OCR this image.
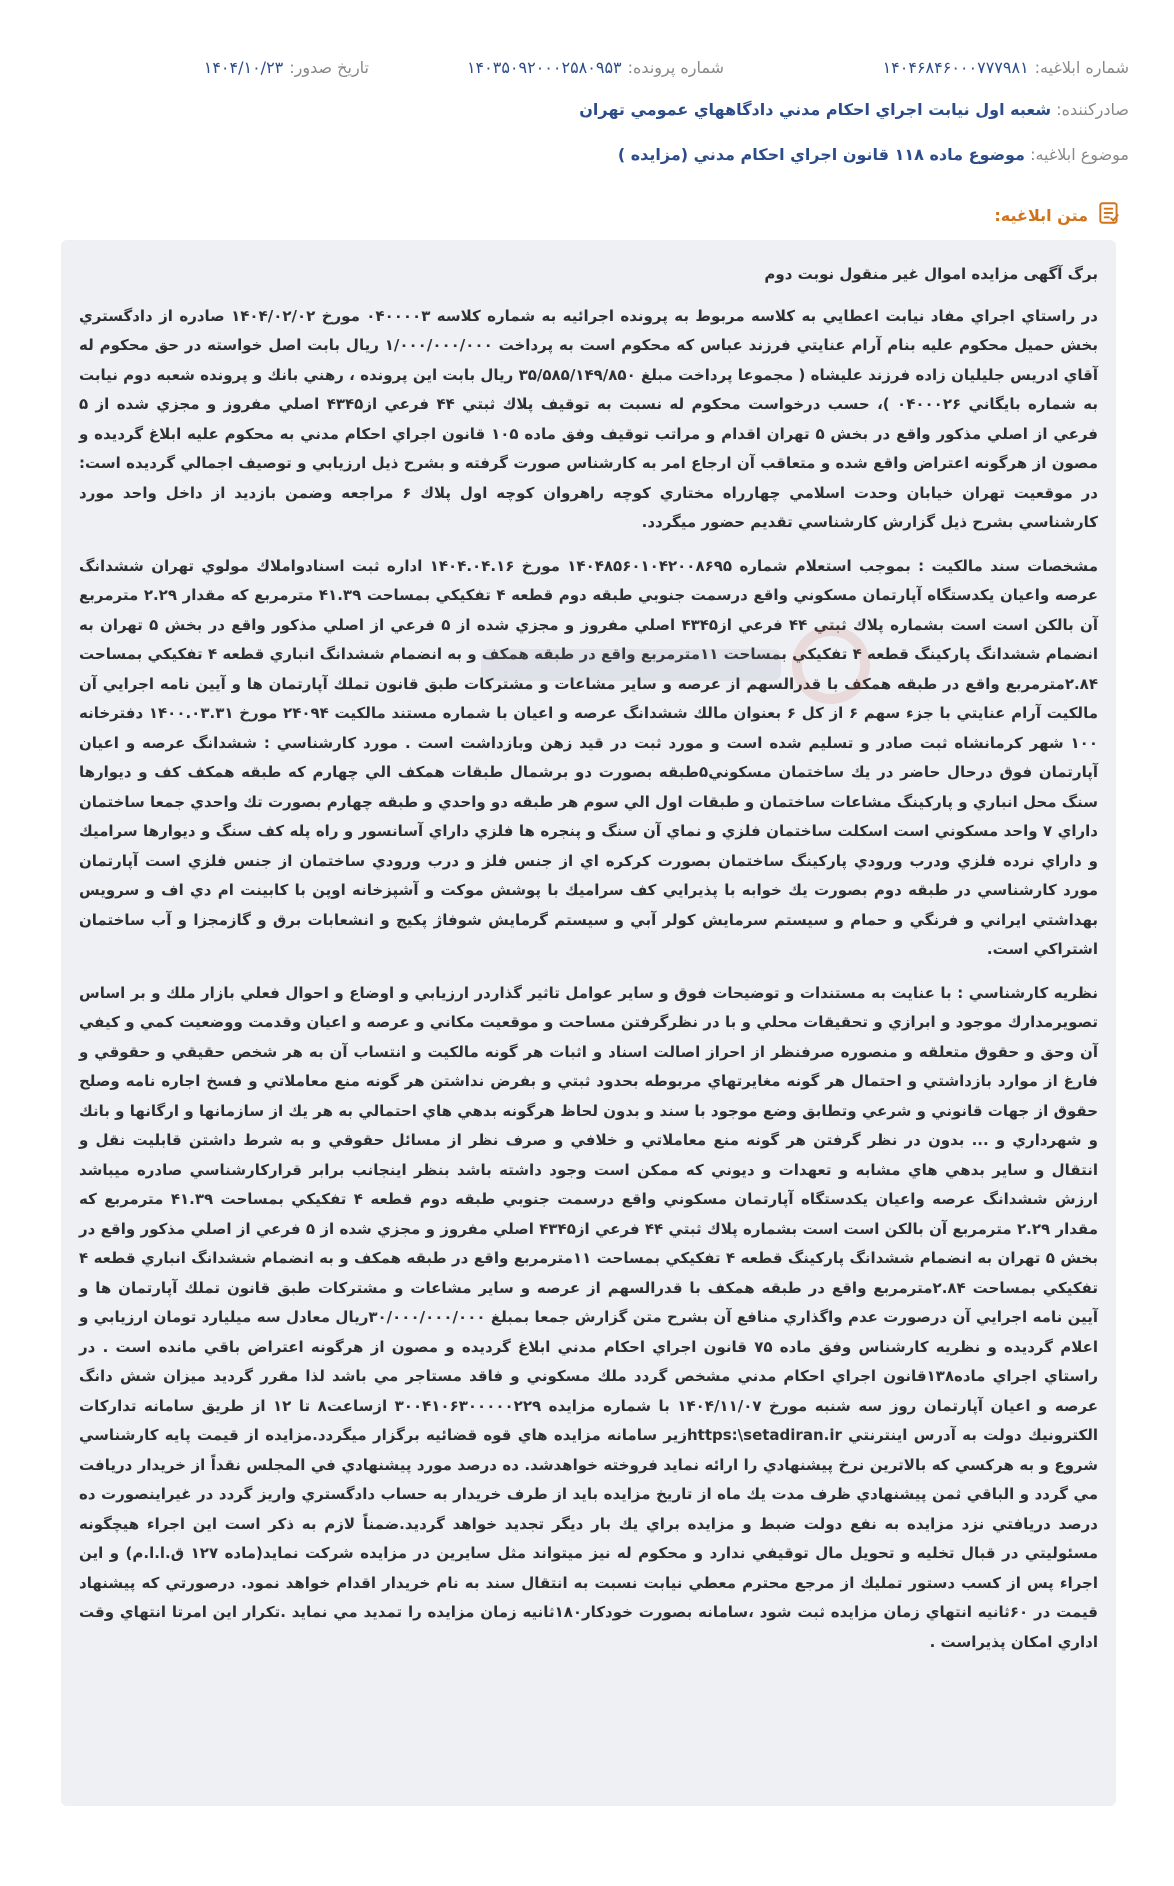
شماره ابلاغیه:
۱۴۰۴۶۸۴۶۰۰۰۷۷۷۹۸۱
شماره پرونده:
۱۴۰۳۵۰۹۲۰۰۰۲۵۸۰۹۵۳
تاریخ صدور:
۱۴۰۴/۱۰/۲۳
صادرکننده:

شعبه اول نيابت اجراي احكام مدني دادگاههاي عمومي تهران
موضوع ابلاغیه:

موضوع ماده ۱۱۸ قانون اجراي احكام مدني (مزايده )
متن ابلاغیه:

برگ آگهی مزایده اموال غیر منقول نوبت دوم

در راستاي اجراي مفاد نيابت اعطايي به كلاسه مربوط به پرونده اجرائيه به شماره كلاسه ۰۴۰۰۰۰۳ مورخ ۱۴۰۴/۰۲/۰۲ صادره از دادگستري بخش حميل محكوم عليه بنام آرام عنايتي فرزند عباس كه محكوم است به پرداخت ۱/۰۰۰/۰۰۰/۰۰۰ ريال بابت اصل خواسته در حق محكوم له آقاي ادريس جليليان زاده فرزند عليشاه ( مجموعا پرداخت مبلغ ۳۵/۵۸۵/۱۴۹/۸۵۰ ريال بابت اين پرونده ، رهني بانك و پرونده شعبه دوم نيابت به شماره بايگاني ۰۴۰۰۰۲۶ )، حسب درخواست محكوم له نسبت به توقيف پلاك ثبتي ۴۴ فرعي از۴۳۴۵ اصلي مفروز و مجزي شده از ۵ فرعي از اصلي مذكور واقع در بخش ۵ تهران اقدام و مراتب توقيف وفق ماده ۱۰۵ قانون اجراي احكام مدني به محكوم عليه ابلاغ گرديده و مصون از هرگونه اعتراض واقع شده و متعاقب آن ارجاع امر به كارشناس صورت گرفته و بشرح ذيل ارزيابي و توصيف اجمالي گرديده است: در موقعيت تهران خيابان وحدت اسلامي چهارراه مختاري كوچه راهروان كوچه اول پلاك ۶ مراجعه وضمن بازديد از داخل واحد مورد كارشناسي بشرح ذيل گزارش كارشناسي تقديم حضور ميگردد.

مشخصات سند مالكيت : بموجب استعلام شماره ۱۴۰۴۸۵۶۰۱۰۴۲۰۰۸۶۹۵ مورخ ۱۴۰۴.۰۴.۱۶ اداره ثبت اسنادواملاك مولوي تهران ششدانگ عرصه واعيان يكدستگاه آپارتمان مسكوني واقع درسمت جنوبي طبقه دوم قطعه ۴ تفكيكي بمساحت ۴۱.۳۹ مترمربع كه مقدار ۲.۲۹ مترمربع آن بالكن است است بشماره پلاك ثبتي ۴۴ فرعي از۴۳۴۵ اصلي مفروز و مجزي شده از ۵ فرعي از اصلي مذكور واقع در بخش ۵ تهران به انضمام ششدانگ پاركينگ قطعه ۴ تفكيكي بمساحت ۱۱مترمربع واقع در طبقه همكف و به انضمام ششدانگ انباري قطعه ۴ تفكيكي بمساحت ۲.۸۴مترمربع واقع در طبقه همكف با قدرالسهم از عرصه و ساير مشاعات و مشتركات طبق قانون تملك آپارتمان ها و آيين نامه اجرايي آن مالكيت آرام عنايتي با جزء سهم ۶ از كل ۶ بعنوان مالك ششدانگ عرصه و اعيان با شماره مستند مالكيت ۲۴۰۹۴ مورخ ۱۴۰۰.۰۳.۳۱ دفترخانه ۱۰۰ شهر كرمانشاه ثبت صادر و تسليم شده است و مورد ثبت در قيد زهن وبازداشت است . مورد كارشناسي : ششدانگ عرصه و اعيان آپارتمان فوق درحال حاضر در يك ساختمان مسكوني۵طبقه بصورت دو برشمال طبقات همكف الي چهارم كه طبقه همكف كف و ديوارها سنگ محل انباري و پاركينگ مشاعات ساختمان و طبقات اول الي سوم هر طبقه دو واحدي و طبقه چهارم بصورت تك واحدي جمعا ساختمان داراي ۷ واحد مسكوني است اسكلت ساختمان فلزي و نماي آن سنگ و پنجره ها فلزي داراي آسانسور و راه پله كف سنگ و ديوارها سراميك و داراي نرده فلزي ودرب ورودي پاركينگ ساختمان بصورت كركره اي از جنس فلز و درب ورودي ساختمان از جنس فلزي است آپارتمان مورد كارشناسي در طبقه دوم بصورت يك خوابه با پذيرايي كف سراميك با پوشش موكت و آشپزخانه اوپن با كابينت ام دي اف و سرويس بهداشتي ايراني و فرنگي و حمام و سيستم سرمايش كولر آبي و سيستم گرمايش شوفاژ پكيج و انشعابات برق و گازمجزا و آب ساختمان اشتراكي است.

نظريه كارشناسي : با عنايت به مستندات و توضيحات فوق و ساير عوامل تاثير گذاردر ارزيابي و اوضاع و احوال فعلي بازار ملك و بر اساس تصويرمدارك موجود و ابرازي و تحقيقات محلي و با در نظرگرفتن مساحت و موقعيت مكاني و عرصه و اعيان وقدمت ووضعيت كمي و كيفي آن وحق و حقوق متعلقه و منصوره صرفنظر از احراز اصالت اسناد و اثبات هر گونه مالكيت و انتساب آن به هر شخص حقيقي و حقوقي و فارغ از موارد بازداشتي و احتمال هر گونه مغايرتهاي مربوطه بحدود ثبتي و بفرض نداشتن هر گونه منع معاملاتي و فسخ اجاره نامه وصلح حقوق از جهات قانوني و شرعي وتطابق وضع موجود با سند و بدون لحاظ هرگونه بدهي هاي احتمالي به هر يك از سازمانها و ارگانها و بانك و شهرداري و ... بدون در نظر گرفتن هر گونه منع معاملاتي و خلافي و صرف نظر از مسائل حقوقي و به شرط داشتن قابليت نقل و انتقال و ساير بدهي هاي مشابه و تعهدات و ديوني كه ممكن است وجود داشته باشد بنظر اينجانب برابر قراركارشناسي صادره ميباشد ارزش ششدانگ عرصه واعيان يكدستگاه آپارتمان مسكوني واقع درسمت جنوبي طبقه دوم قطعه ۴ تفكيكي بمساحت ۴۱.۳۹ مترمربع كه مقدار ۲.۲۹ مترمربع آن بالكن است است بشماره پلاك ثبتي ۴۴ فرعي از۴۳۴۵ اصلي مفروز و مجزي شده از ۵ فرعي از اصلي مذكور واقع در بخش ۵ تهران به انضمام ششدانگ پاركينگ قطعه ۴ تفكيكي بمساحت ۱۱مترمربع واقع در طبقه همكف و به انضمام ششدانگ انباري قطعه ۴ تفكيكي بمساحت ۲.۸۴مترمربع واقع در طبقه همكف با قدرالسهم از عرصه و ساير مشاعات و مشتركات طبق قانون تملك آپارتمان ها و آيين نامه اجرايي آن درصورت عدم واگذاري منافع آن بشرح متن گزارش جمعا بمبلغ ۳۰/۰۰۰/۰۰۰/۰۰۰ريال معادل سه ميليارد تومان ارزيابي و اعلام گرديده و نظريه كارشناس وفق ماده ۷۵ قانون اجراي احكام مدني ابلاغ گرديده و مصون از هرگونه اعتراض باقي مانده است . در راستاي اجراي ماده۱۳۸قانون اجراي احكام مدني مشخص گردد ملك مسكوني و فاقد مستاجر مي باشد لذا مقرر گرديد ميزان شش دانگ عرصه و اعيان آپارتمان روز سه شنبه مورخ ۱۴۰۴/۱۱/۰۷ با شماره مزايده ۳۰۰۴۱۰۶۳۰۰۰۰۰۲۲۹ ازساعت۸ تا ۱۲ از طريق سامانه تداركات الكترونيك دولت به آدرس اينترنتي https:\setadiran.irزير سامانه مزايده هاي قوه قضائيه برگزار ميگردد.مزايده از قيمت پايه كارشناسي شروع و به هركسي كه بالاترين نرخ پيشنهادي را ارائه نمايد فروخته خواهدشد. ده درصد مورد پيشنهادي في المجلس نقداً از خريدار دريافت مي گردد و الباقي ثمن پيشنهادي ظرف مدت يك ماه از تاريخ مزايده بايد از طرف خريدار به حساب دادگستري واريز گردد در غيراينصورت ده درصد دريافتي نزد مزايده به نفع دولت ضبط و مزايده براي يك بار ديگر تجديد خواهد گرديد.ضمناً لازم به ذكر است اين اجراء هيچگونه مسئوليتي در قبال تخليه و تحويل مال توقيفي ندارد و محكوم له نيز ميتواند مثل سايرين در مزايده شركت نمايد(ماده ۱۲۷ ق.ا.ا.م) و اين اجراء پس از كسب دستور تمليك از مرجع محترم معطي نيابت نسبت به انتقال سند به نام خريدار اقدام خواهد نمود. درصورتي كه پيشنهاد قيمت در ۶۰ثانيه انتهاي زمان مزايده ثبت شود ،سامانه بصورت خودكار۱۸۰ثانيه زمان مزايده را تمديد مي نمايد .تكرار اين امرتا انتهاي وقت اداري امكان پذيراست .
